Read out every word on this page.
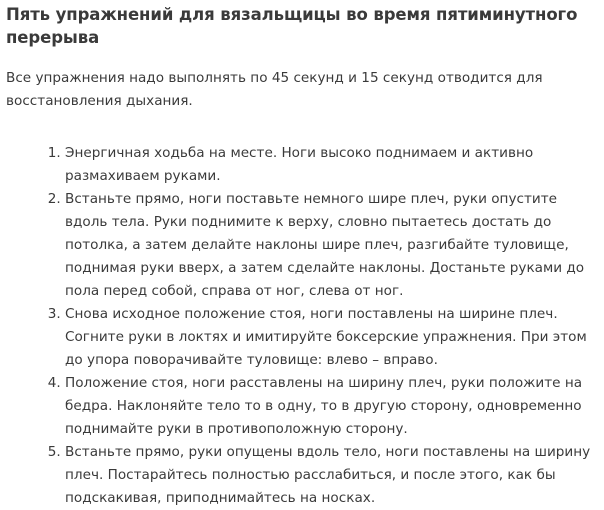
Пять упражнений для вязальщицы во время пятиминутного перерыва

Все упражнения надо выполнять по 45 секунд и 15 секунд отводится для восстановления дыхания.

1. Энергичная ходьба на месте. Ноги высоко поднимаем и активно размахиваем руками.
2. Встаньте прямо, ноги поставьте немного шире плеч, руки опустите вдоль тела. Руки поднимите к верху, словно пытаетесь достать до потолка, а затем делайте наклоны шире плеч, разгибайте туловище, поднимая руки вверх, а затем сделайте наклоны. Достаньте руками до пола перед собой, справа от ног, слева от ног.
3. Снова исходное положение стоя, ноги поставлены на ширине плеч. Согните руки в локтях и имитируйте боксерские упражнения. При этом до упора поворачивайте туловище: влево – вправо.
4. Положение стоя, ноги расставлены на ширину плеч, руки положите на бедра. Наклоняйте тело то в одну, то в другую сторону, одновременно поднимайте руки в противоположную сторону.
5. Встаньте прямо, руки опущены вдоль тело, ноги поставлены на ширину плеч. Постарайтесь полностью расслабиться, и после этого, как бы подскакивая, приподнимайтесь на носках.
